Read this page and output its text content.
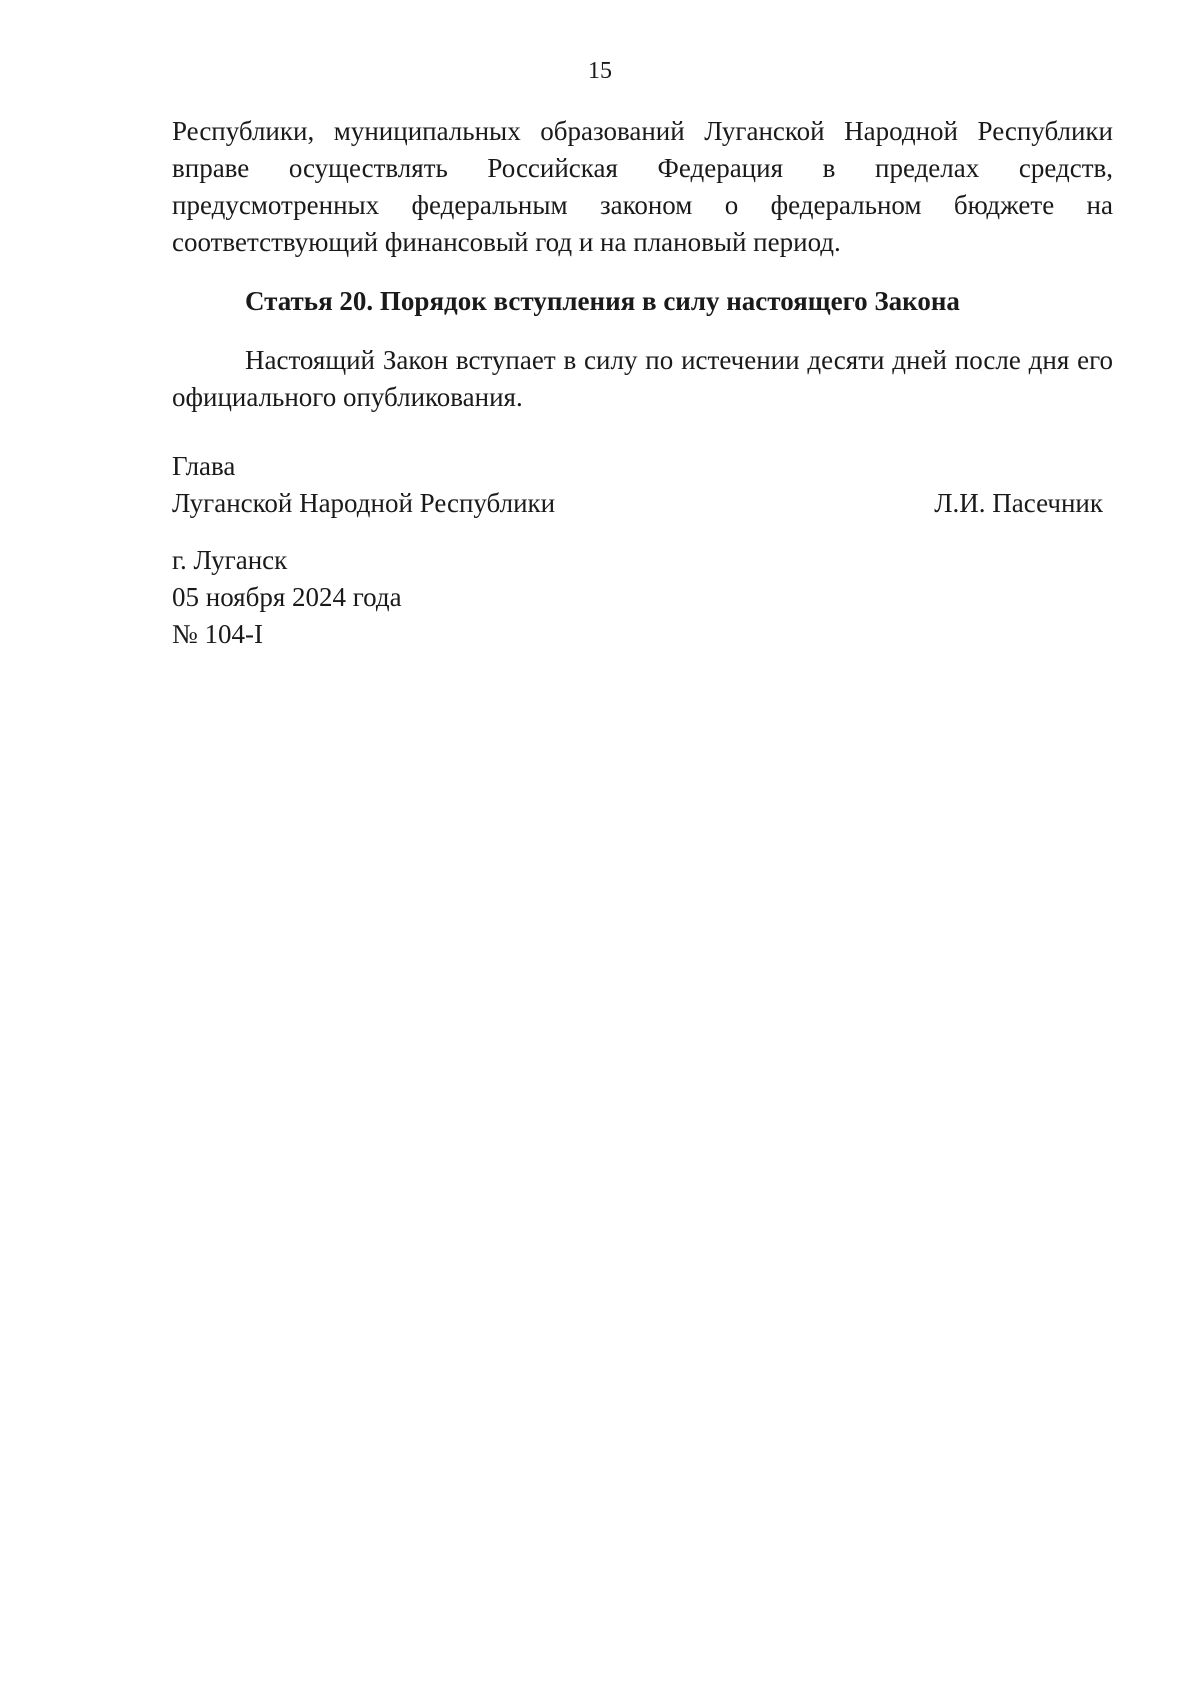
15

Республики, муниципальных образований Луганской Народной Республики вправе осуществлять Российская Федерация в пределах средств, предусмотренных федеральным законом о федеральном бюджете на соответствующий финансовый год и на плановый период.

Статья 20. Порядок вступления в силу настоящего Закона

Настоящий Закон вступает в силу по истечении десяти дней после дня его официального опубликования.

Глава
Луганской Народной Республики	Л.И. Пасечник
г. Луганск
05 ноября 2024 года
№ 104-I
